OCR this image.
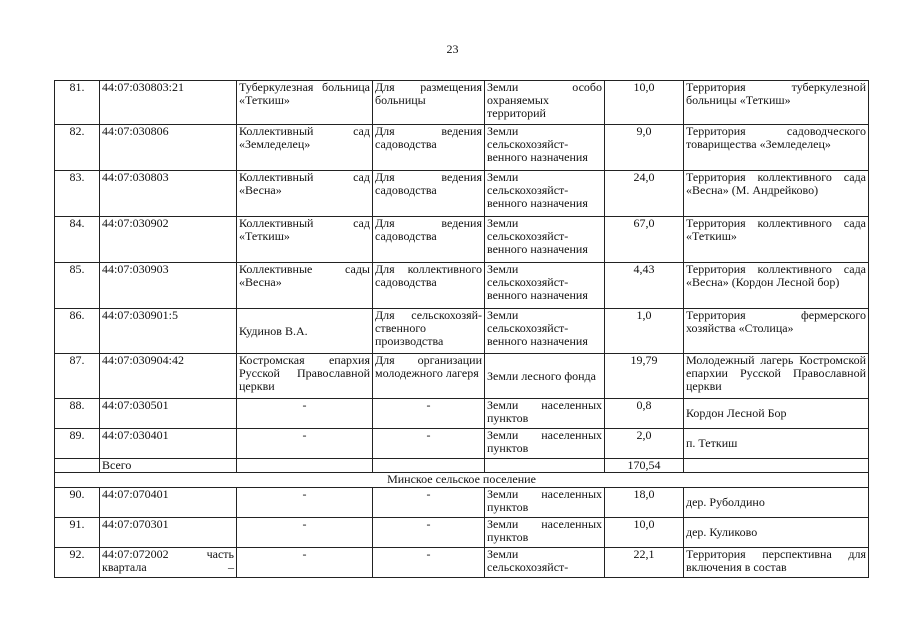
23
81.	44:07:030803:21	Туберкулезная больница «Теткиш»	Для размещения больницы	Земли особо охраняемых территорий	10,0	Территория туберкулезной больницы «Теткиш»
82.	44:07:030806	Коллективный сад «Земледелец»	Для ведения садоводства	Земли сельскохозяйст-венного назначения	9,0	Территория садоводческого товарищества «Земледелец»
83.	44:07:030803	Коллективный сад «Весна»	Для ведения садоводства	Земли сельскохозяйст-венного назначения	24,0	Территория коллективного сада «Весна» (М. Андрейково)
84.	44:07:030902	Коллективный сад «Теткиш»	Для ведения садоводства	Земли сельскохозяйст-венного назначения	67,0	Территория коллективного сада «Теткиш»
85.	44:07:030903	Коллективные сады «Весна»	Для коллективного садоводства	Земли сельскохозяйст-венного назначения	4,43	Территория коллективного сада «Весна» (Кордон Лесной бор)
86.	44:07:030901:5	Кудинов В.А.	Для сельскохозяй-ственного производства	Земли сельскохозяйст-венного назначения	1,0	Территория фермерского хозяйства «Столица»
87.	44:07:030904:42	Костромская епархия Русской Православной церкви	Для организации молодежного лагеря	Земли лесного фонда	19,79	Молодежный лагерь Костромской епархии Русской Православной церкви
88.	44:07:030501	-	-	Земли населенных пунктов	0,8	Кордон Лесной Бор
89.	44:07:030401	-	-	Земли населенных пунктов	2,0	п. Теткиш
	Всего				170,54	
Минское сельское поселение						
90.	44:07:070401	-	-	Земли населенных пунктов	18,0	дер. Руболдино
91.	44:07:070301	-	-	Земли населенных пунктов	10,0	дер. Куликово
92.	44:07:072002 часть квартала –	-	-	Земли сельскохозяйст-	22,1	Территория перспективна для включения в состав
